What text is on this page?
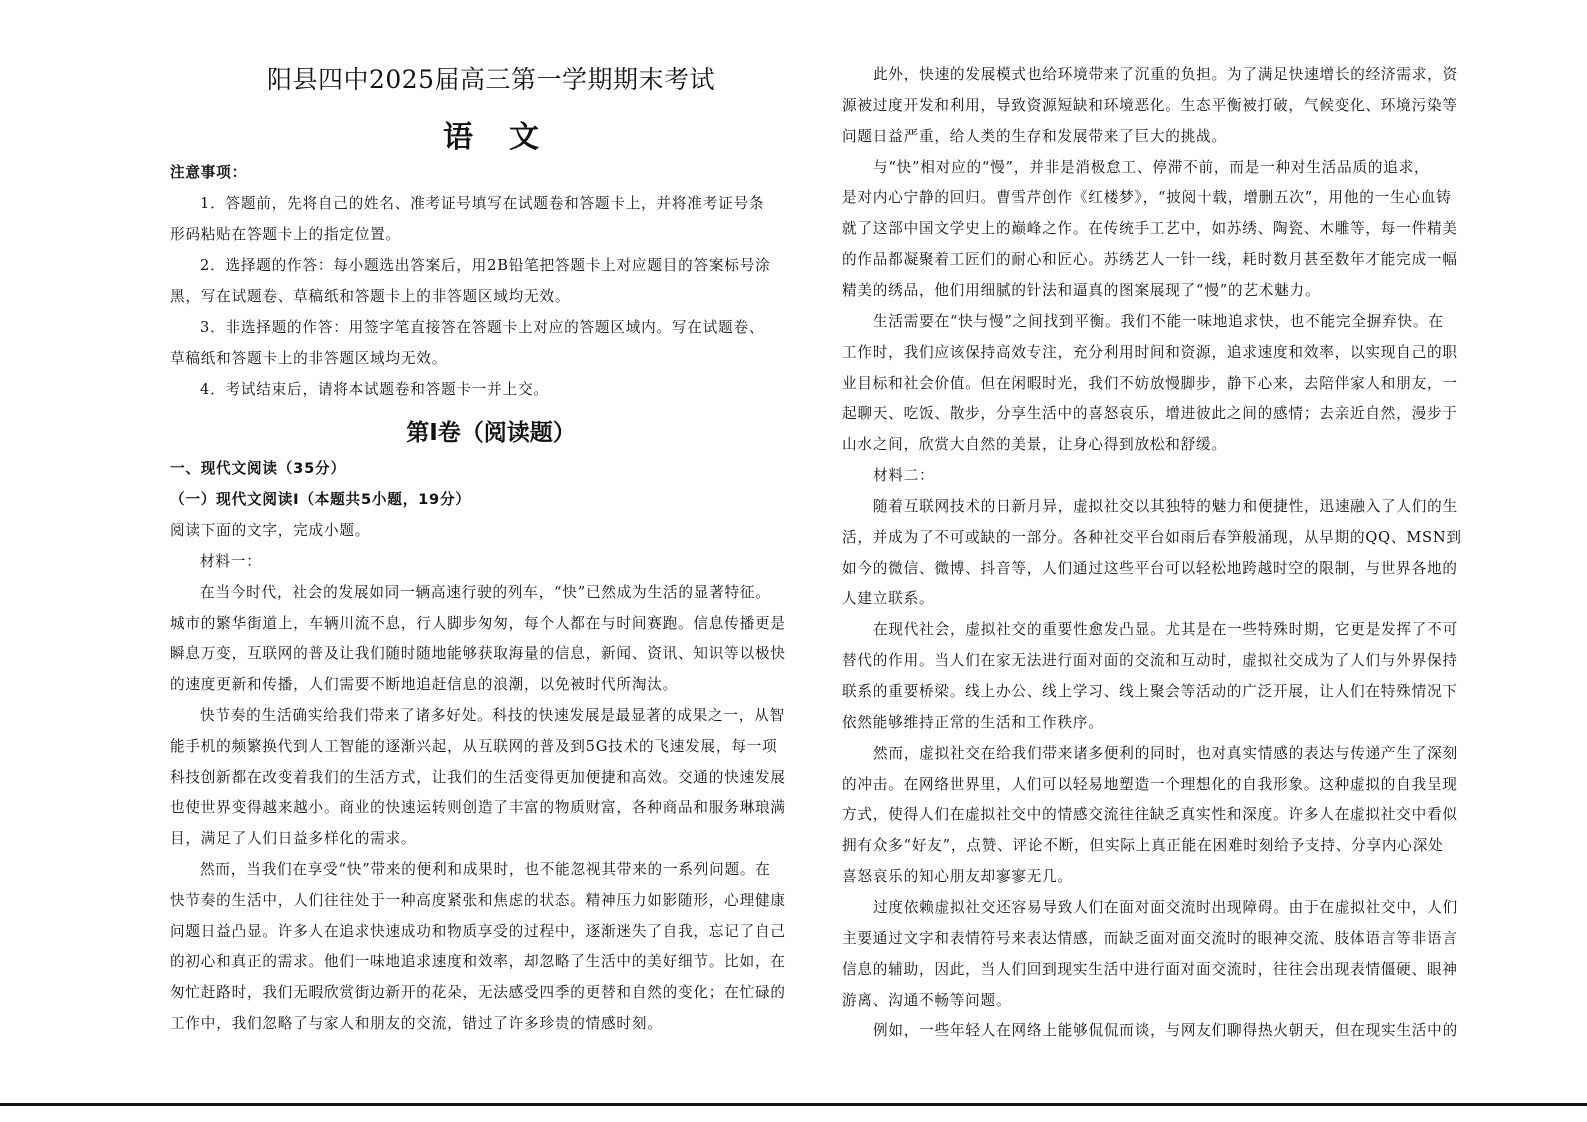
阳县四中2025届高三第一学期期末考试
语文
注意事项：
1．答题前，先将自己的姓名、准考证号填写在试题卷和答题卡上，并将准考证号条
形码粘贴在答题卡上的指定位置。
2．选择题的作答：每小题选出答案后，用2B铅笔把答题卡上对应题目的答案标号涂
黑，写在试题卷、草稿纸和答题卡上的非答题区域均无效。
3．非选择题的作答：用签字笔直接答在答题卡上对应的答题区域内。写在试题卷、
草稿纸和答题卡上的非答题区域均无效。
4．考试结束后，请将本试题卷和答题卡一并上交。
第Ⅰ卷（阅读题）
一、现代文阅读（35分）
（一）现代文阅读Ⅰ（本题共5小题，19分）
阅读下面的文字，完成小题。
材料一：
在当今时代，社会的发展如同一辆高速行驶的列车，“快”已然成为生活的显著特征。
城市的繁华街道上，车辆川流不息，行人脚步匆匆，每个人都在与时间赛跑。信息传播更是
瞬息万变，互联网的普及让我们随时随地能够获取海量的信息，新闻、资讯、知识等以极快
的速度更新和传播，人们需要不断地追赶信息的浪潮，以免被时代所淘汰。
快节奏的生活确实给我们带来了诸多好处。科技的快速发展是最显著的成果之一，从智
能手机的频繁换代到人工智能的逐渐兴起，从互联网的普及到5G技术的飞速发展，每一项
科技创新都在改变着我们的生活方式，让我们的生活变得更加便捷和高效。交通的快速发展
也使世界变得越来越小。商业的快速运转则创造了丰富的物质财富，各种商品和服务琳琅满
目，满足了人们日益多样化的需求。
然而，当我们在享受“快”带来的便利和成果时，也不能忽视其带来的一系列问题。在
快节奏的生活中，人们往往处于一种高度紧张和焦虑的状态。精神压力如影随形，心理健康
问题日益凸显。许多人在追求快速成功和物质享受的过程中，逐渐迷失了自我，忘记了自己
的初心和真正的需求。他们一味地追求速度和效率，却忽略了生活中的美好细节。比如，在
匆忙赶路时，我们无暇欣赏街边新开的花朵，无法感受四季的更替和自然的变化；在忙碌的
工作中，我们忽略了与家人和朋友的交流，错过了许多珍贵的情感时刻。
此外，快速的发展模式也给环境带来了沉重的负担。为了满足快速增长的经济需求，资
源被过度开发和利用，导致资源短缺和环境恶化。生态平衡被打破，气候变化、环境污染等
问题日益严重，给人类的生存和发展带来了巨大的挑战。
与“快”相对应的“慢”，并非是消极怠工、停滞不前，而是一种对生活品质的追求，
是对内心宁静的回归。曹雪芹创作《红楼梦》，“披阅十载，增删五次”，用他的一生心血铸
就了这部中国文学史上的巅峰之作。在传统手工艺中，如苏绣、陶瓷、木雕等，每一件精美
的作品都凝聚着工匠们的耐心和匠心。苏绣艺人一针一线，耗时数月甚至数年才能完成一幅
精美的绣品，他们用细腻的针法和逼真的图案展现了“慢”的艺术魅力。
生活需要在“快与慢”之间找到平衡。我们不能一味地追求快，也不能完全摒弃快。在
工作时，我们应该保持高效专注，充分利用时间和资源，追求速度和效率，以实现自己的职
业目标和社会价值。但在闲暇时光，我们不妨放慢脚步，静下心来，去陪伴家人和朋友，一
起聊天、吃饭、散步，分享生活中的喜怒哀乐，增进彼此之间的感情；去亲近自然，漫步于
山水之间，欣赏大自然的美景，让身心得到放松和舒缓。
材料二：
随着互联网技术的日新月异，虚拟社交以其独特的魅力和便捷性，迅速融入了人们的生
活，并成为了不可或缺的一部分。各种社交平台如雨后春笋般涌现，从早期的QQ、MSN到
如今的微信、微博、抖音等，人们通过这些平台可以轻松地跨越时空的限制，与世界各地的
人建立联系。
在现代社会，虚拟社交的重要性愈发凸显。尤其是在一些特殊时期，它更是发挥了不可
替代的作用。当人们在家无法进行面对面的交流和互动时，虚拟社交成为了人们与外界保持
联系的重要桥梁。线上办公、线上学习、线上聚会等活动的广泛开展，让人们在特殊情况下
依然能够维持正常的生活和工作秩序。
然而，虚拟社交在给我们带来诸多便利的同时，也对真实情感的表达与传递产生了深刻
的冲击。在网络世界里，人们可以轻易地塑造一个理想化的自我形象。这种虚拟的自我呈现
方式，使得人们在虚拟社交中的情感交流往往缺乏真实性和深度。许多人在虚拟社交中看似
拥有众多“好友”，点赞、评论不断，但实际上真正能在困难时刻给予支持、分享内心深处
喜怒哀乐的知心朋友却寥寥无几。
过度依赖虚拟社交还容易导致人们在面对面交流时出现障碍。由于在虚拟社交中，人们
主要通过文字和表情符号来表达情感，而缺乏面对面交流时的眼神交流、肢体语言等非语言
信息的辅助，因此，当人们回到现实生活中进行面对面交流时，往往会出现表情僵硬、眼神
游离、沟通不畅等问题。
例如，一些年轻人在网络上能够侃侃而谈，与网友们聊得热火朝天，但在现实生活中的
